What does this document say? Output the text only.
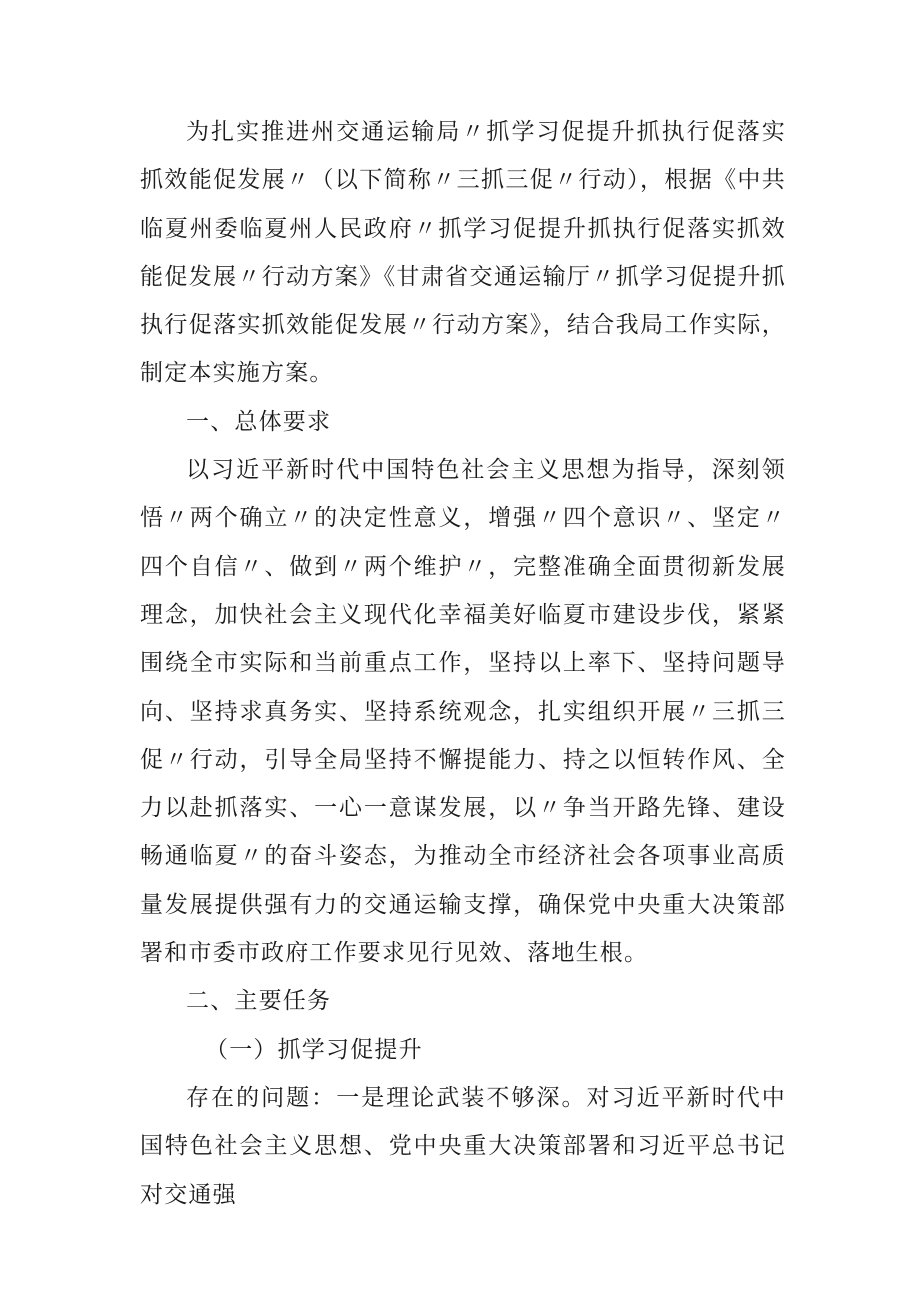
为扎实推进州交通运输局〃抓学习促提升抓执行促落实抓效能促发展〃（以下简称〃三抓三促〃行动），根据《中共临夏州委临夏州人民政府〃抓学习促提升抓执行促落实抓效能促发展〃行动方案》《甘肃省交通运输厅〃抓学习促提升抓执行促落实抓效能促发展〃行动方案》，结合我局工作实际，制定本实施方案。

一、总体要求

以习近平新时代中国特色社会主义思想为指导，深刻领悟〃两个确立〃的决定性意义，增强〃四个意识〃、坚定〃四个自信〃、做到〃两个维护〃，完整准确全面贯彻新发展理念，加快社会主义现代化幸福美好临夏市建设步伐，紧紧围绕全市实际和当前重点工作，坚持以上率下、坚持问题导向、坚持求真务实、坚持系统观念，扎实组织开展〃三抓三促〃行动，引导全局坚持不懈提能力、持之以恒转作风、全力以赴抓落实、一心一意谋发展，以〃争当开路先锋、建设畅通临夏〃的奋斗姿态，为推动全市经济社会各项事业高质量发展提供强有力的交通运输支撑，确保党中央重大决策部署和市委市政府工作要求见行见效、落地生根。

二、主要任务

（一）抓学习促提升

存在的问题：一是理论武装不够深。对习近平新时代中国特色社会主义思想、党中央重大决策部署和习近平总书记对交通强
